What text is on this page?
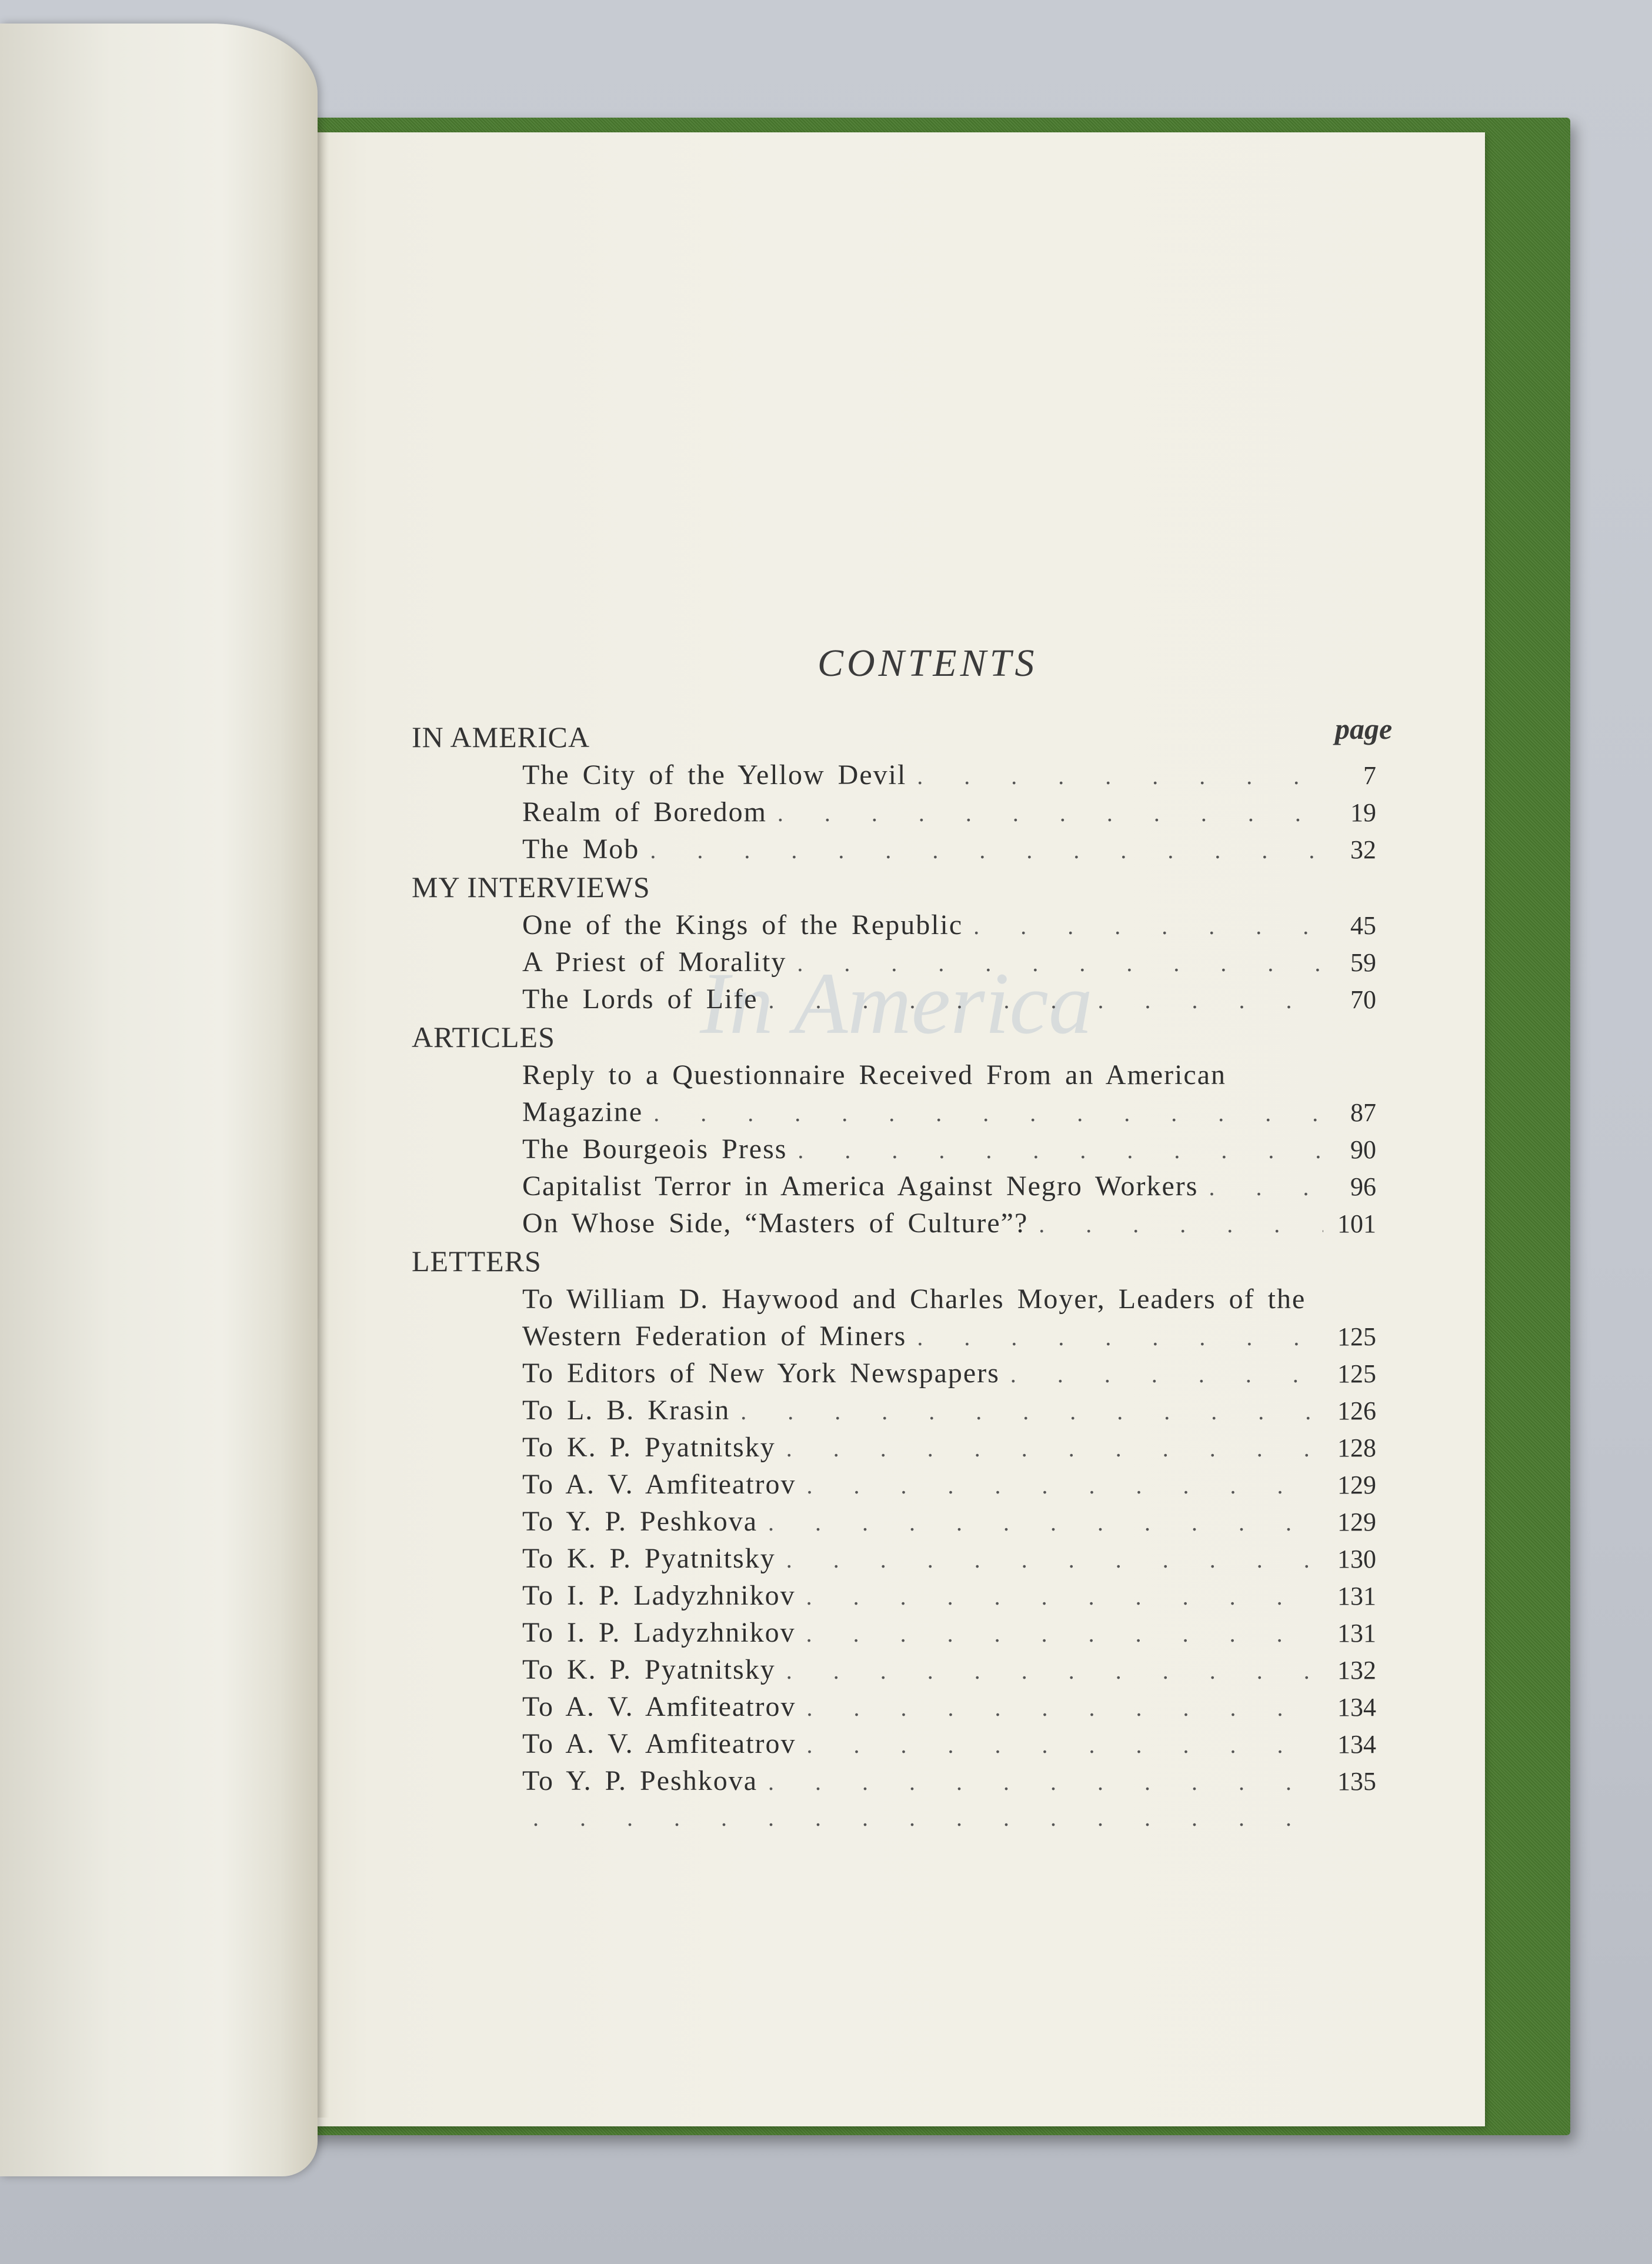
In America
CONTENTS
page
IN AMERICA
The City of the Yellow Devil . . .	7
Realm of Boredom . . .	19
The Mob . . .	32
MY INTERVIEWS
One of the Kings of the Republic . . .	45
A Priest of Morality . . .	59
The Lords of Life . . .	70
ARTICLES
Reply to a Questionnaire Received From an American
Magazine . . .	87
The Bourgeois Press . . .	90
Capitalist Terror in America Against Negro Workers . . .	96
On Whose Side, “Masters of Culture”? . . .	101
LETTERS
To William D. Haywood and Charles Moyer, Leaders of the
Western Federation of Miners . . .	125
To Editors of New York Newspapers . . .	125
To L. B. Krasin . . .	126
To K. P. Pyatnitsky . . .	128
To A. V. Amfiteatrov . . .	129
To Y. P. Peshkova . . .	129
To K. P. Pyatnitsky . . .	130
To I. P. Ladyzhnikov . . .	131
To I. P. Ladyzhnikov . . .	131
To K. P. Pyatnitsky . . .	132
To A. V. Amfiteatrov . . .	134
To A. V. Amfiteatrov . . .	134
To Y. P. Peshkova . . .	135
. . .
